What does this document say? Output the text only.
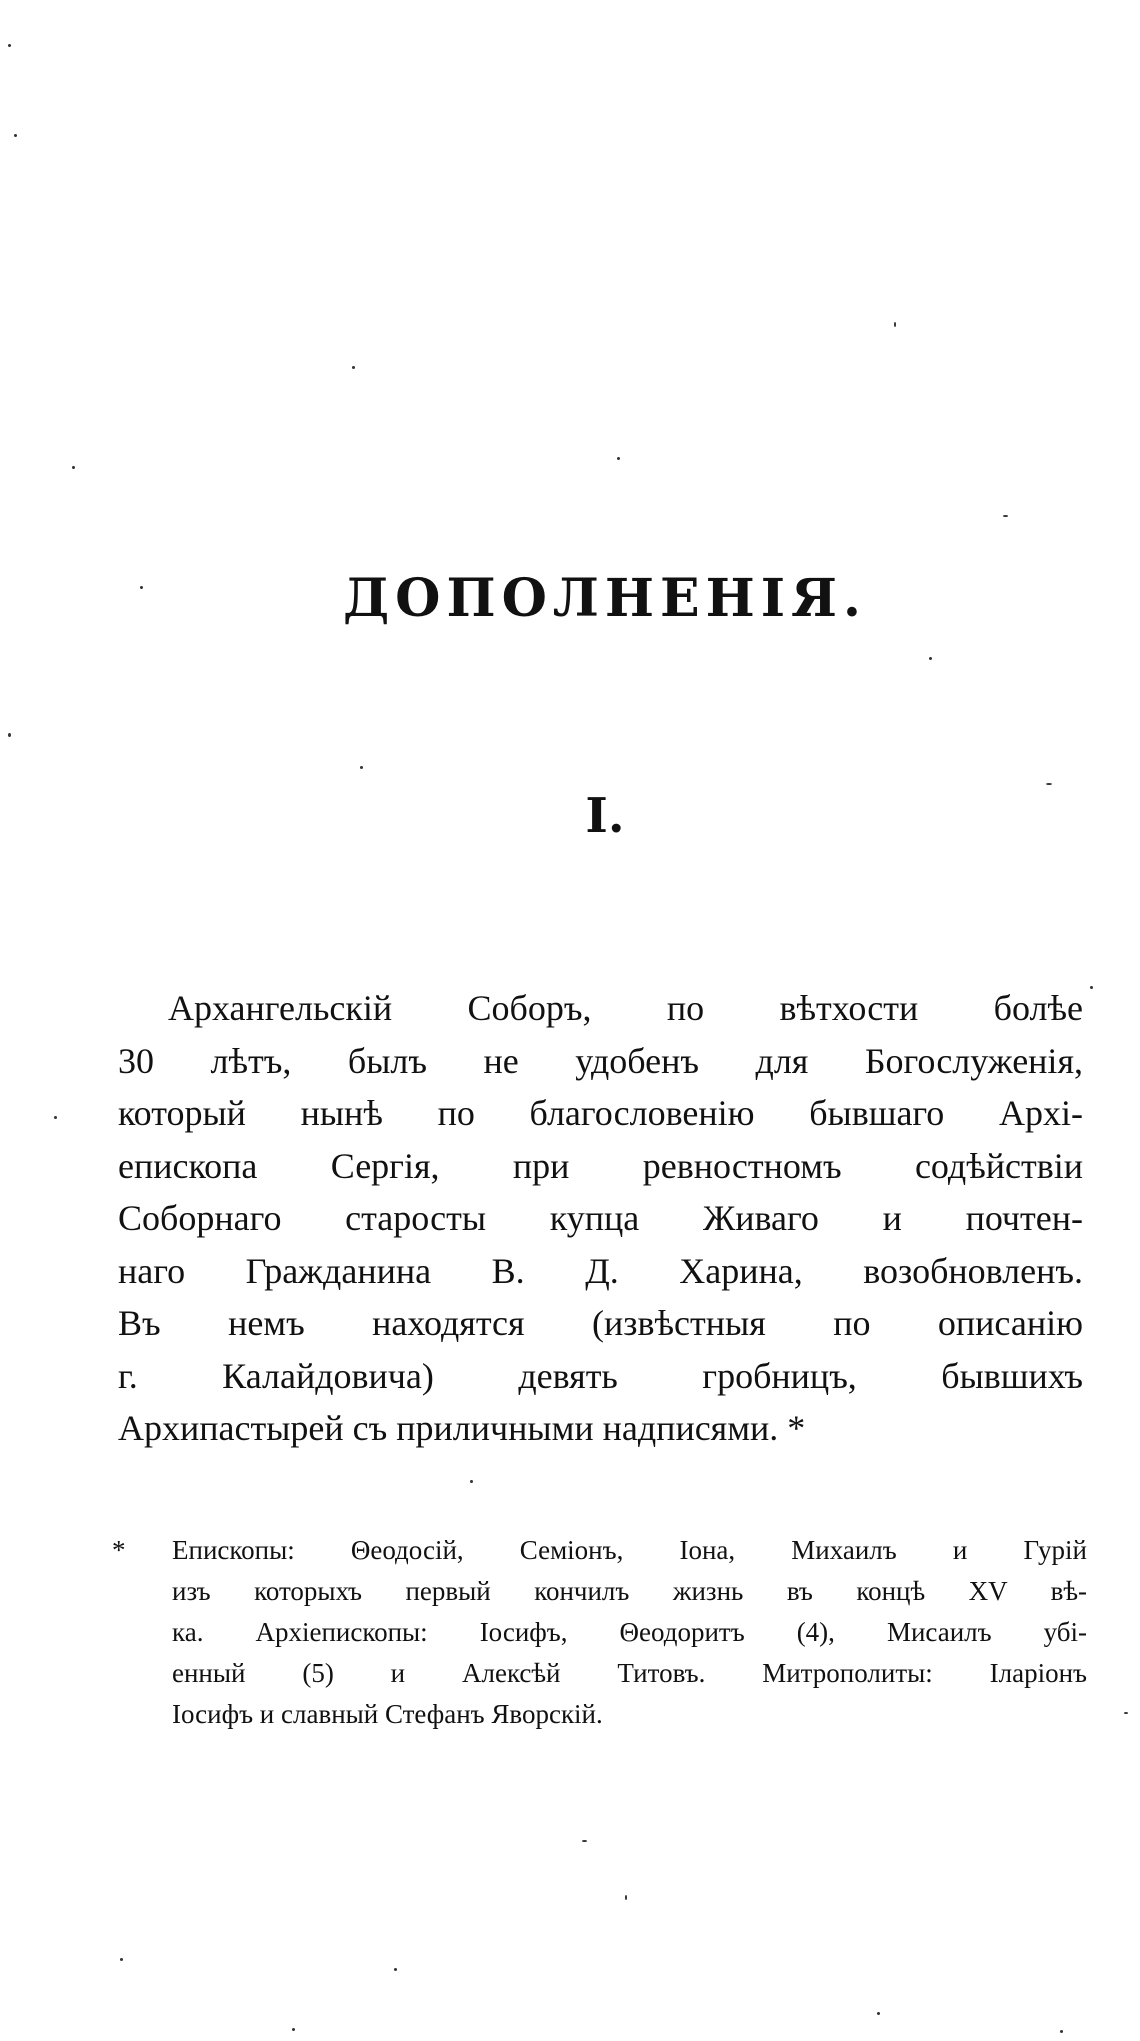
ДОПОЛНЕНІЯ.
I.
Архангельскій Соборъ, по вѣтхости болѣе
30 лѣтъ, былъ не удобенъ для Богослуженія,
который нынѣ по благословенію бывшаго Архі-
епископа Сергія, при ревностномъ содѣйствіи
Соборнаго старосты купца Живаго и почтен-
наго Гражданина В. Д. Харина, возобновленъ.
Въ немъ находятся (извѣстныя по описанію
г. Калайдовича) девять гробницъ, бывшихъ
Архипастырей съ приличными надписями. *
* Епископы: Θеодосій, Семіонъ, Іона, Михаилъ и Гурій
изъ которыхъ первый кончилъ жизнь въ концѣ XV вѣ-
ка. Архіепископы: Іосифъ, Θеодоритъ (4), Мисаилъ убі-
енный (5) и Алексѣй Титовъ. Митрополиты: Іларіонъ
Іосифъ и славный Стефанъ Яворскій.
